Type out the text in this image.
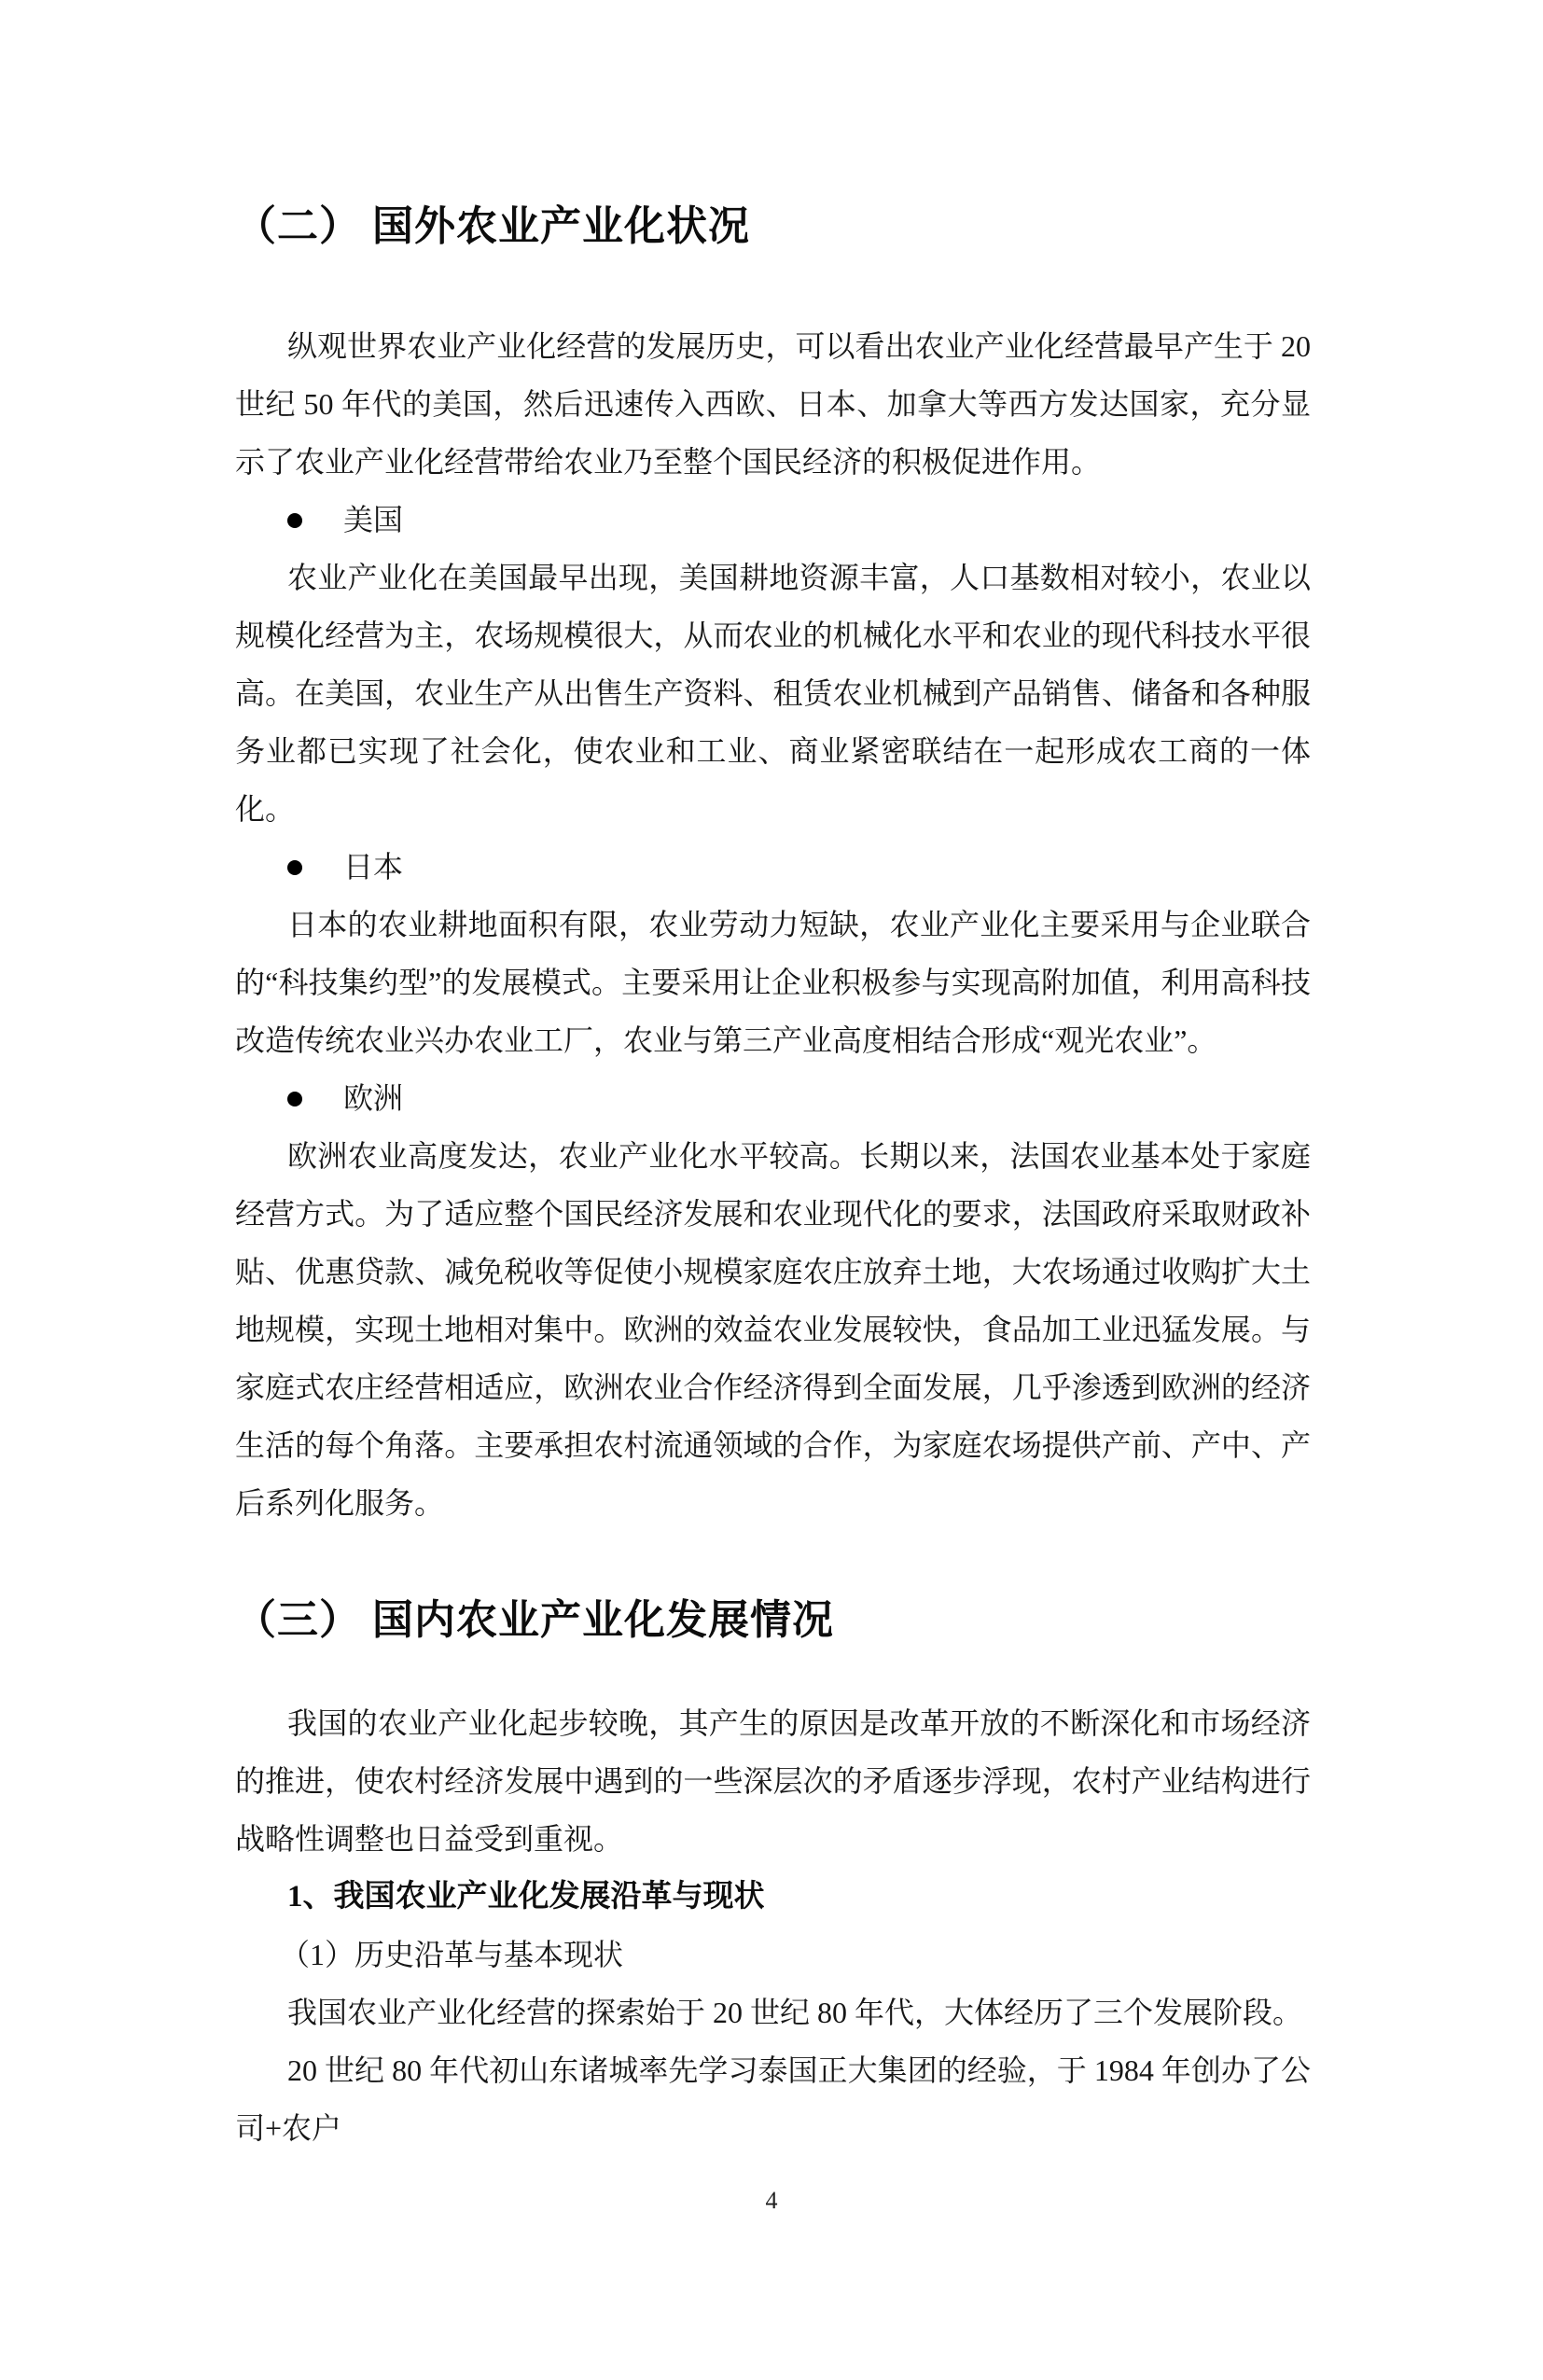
（二） 国外农业产业化状况

纵观世界农业产业化经营的发展历史，可以看出农业产业化经营最早产生于 20 世纪 50 年代的美国，然后迅速传入西欧、日本、加拿大等西方发达国家，充分显示了农业产业化经营带给农业乃至整个国民经济的积极促进作用。

美国

农业产业化在美国最早出现，美国耕地资源丰富，人口基数相对较小，农业以规模化经营为主，农场规模很大，从而农业的机械化水平和农业的现代科技水平很高。在美国，农业生产从出售生产资料、租赁农业机械到产品销售、储备和各种服务业都已实现了社会化，使农业和工业、商业紧密联结在一起形成农工商的一体化。

日本

日本的农业耕地面积有限，农业劳动力短缺，农业产业化主要采用与企业联合的“科技集约型”的发展模式。主要采用让企业积极参与实现高附加值，利用高科技改造传统农业兴办农业工厂，农业与第三产业高度相结合形成“观光农业”。

欧洲

欧洲农业高度发达，农业产业化水平较高。长期以来，法国农业基本处于家庭经营方式。为了适应整个国民经济发展和农业现代化的要求，法国政府采取财政补贴、优惠贷款、减免税收等促使小规模家庭农庄放弃土地，大农场通过收购扩大土地规模，实现土地相对集中。欧洲的效益农业发展较快，食品加工业迅猛发展。与家庭式农庄经营相适应，欧洲农业合作经济得到全面发展，几乎渗透到欧洲的经济生活的每个角落。主要承担农村流通领域的合作，为家庭农场提供产前、产中、产后系列化服务。

（三） 国内农业产业化发展情况

我国的农业产业化起步较晚，其产生的原因是改革开放的不断深化和市场经济的推进，使农村经济发展中遇到的一些深层次的矛盾逐步浮现，农村产业结构进行战略性调整也日益受到重视。

1、我国农业产业化发展沿革与现状
（1）历史沿革与基本现状

我国农业产业化经营的探索始于 20 世纪 80 年代，大体经历了三个发展阶段。

20 世纪 80 年代初山东诸城率先学习泰国正大集团的经验，于 1984 年创办了公司+农户

4
